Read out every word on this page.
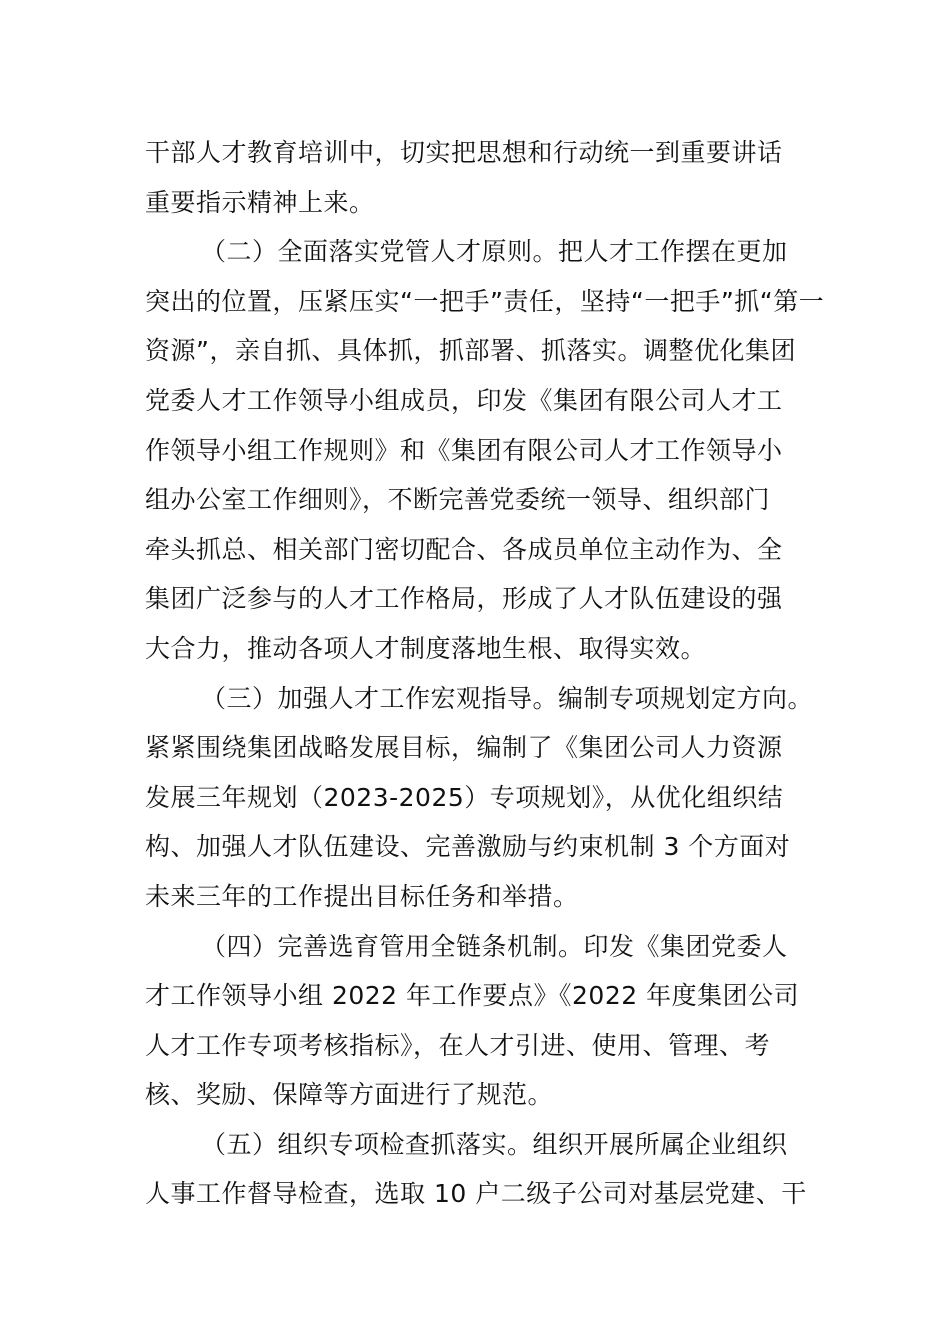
干部人才教育培训中，切实把思想和行动统一到重要讲话
重要指示精神上来。
（二）全面落实党管人才原则。把人才工作摆在更加
突出的位置，压紧压实“一把手”责任，坚持“一把手”抓“第一
资源”，亲自抓、具体抓，抓部署、抓落实。调整优化集团
党委人才工作领导小组成员，印发《集团有限公司人才工
作领导小组工作规则》和《集团有限公司人才工作领导小
组办公室工作细则》，不断完善党委统一领导、组织部门
牵头抓总、相关部门密切配合、各成员单位主动作为、全
集团广泛参与的人才工作格局，形成了人才队伍建设的强
大合力，推动各项人才制度落地生根、取得实效。
（三）加强人才工作宏观指导。编制专项规划定方向。
紧紧围绕集团战略发展目标，编制了《集团公司人力资源
发展三年规划（2023-2025）专项规划》，从优化组织结
构、加强人才队伍建设、完善激励与约束机制 3 个方面对
未来三年的工作提出目标任务和举措。
（四）完善选育管用全链条机制。印发《集团党委人
才工作领导小组 2022 年工作要点》《2022 年度集团公司
人才工作专项考核指标》，在人才引进、使用、管理、考
核、奖励、保障等方面进行了规范。
（五）组织专项检查抓落实。组织开展所属企业组织
人事工作督导检查，选取 10 户二级子公司对基层党建、干
